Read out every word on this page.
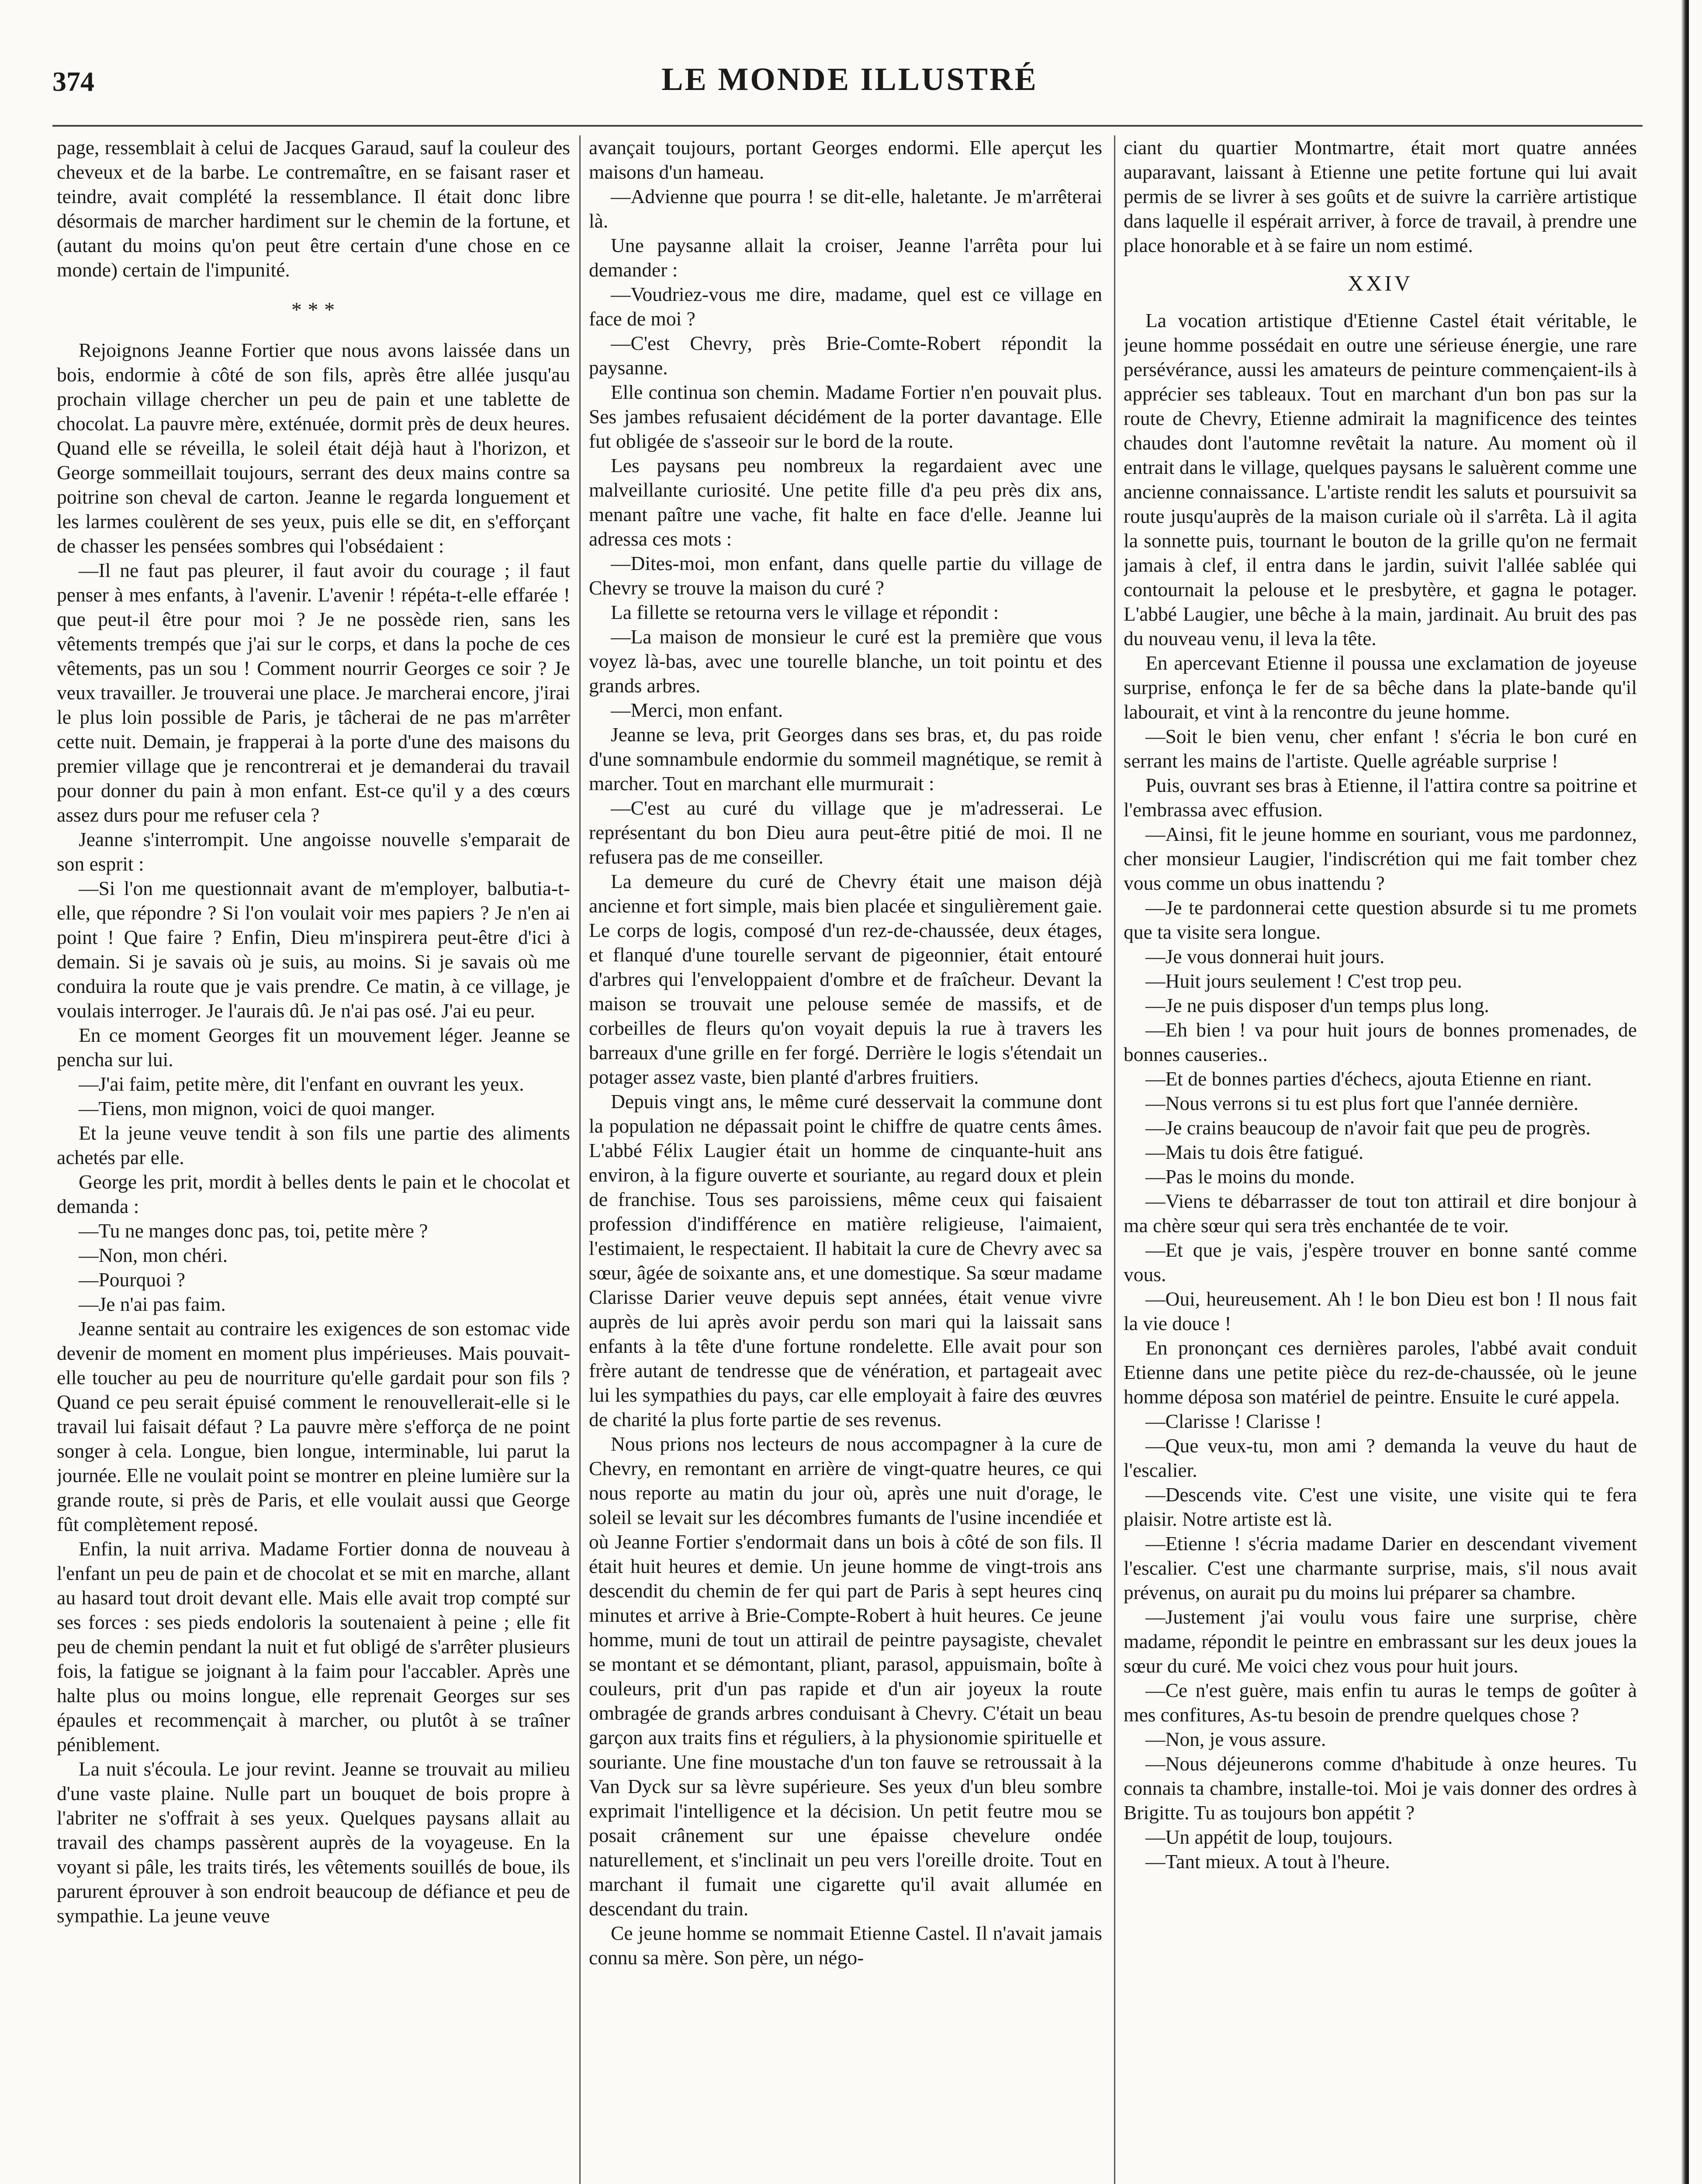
374	LE MONDE ILLUSTRÉ

page, ressemblait à celui de Jacques Garaud, sauf la couleur des cheveux et de la barbe. Le contremaître, en se faisant raser et teindre, avait complété la ressemblance. Il était donc libre désormais de marcher hardiment sur le chemin de la fortune, et (autant du moins qu'on peut être certain d'une chose en ce monde) certain de l'impunité.

* * *

Rejoignons Jeanne Fortier que nous avons laissée dans un bois, endormie à côté de son fils, après être allée jusqu'au prochain village chercher un peu de pain et une tablette de chocolat. La pauvre mère, exténuée, dormit près de deux heures. Quand elle se réveilla, le soleil était déjà haut à l'horizon, et George sommeillait toujours, serrant des deux mains contre sa poitrine son cheval de carton. Jeanne le regarda longuement et les larmes coulèrent de ses yeux, puis elle se dit, en s'efforçant de chasser les pensées sombres qui l'obsédaient :

—Il ne faut pas pleurer, il faut avoir du courage ; il faut penser à mes enfants, à l'avenir. L'avenir ! répéta-t-elle effarée ! que peut-il être pour moi ? Je ne possède rien, sans les vêtements trempés que j'ai sur le corps, et dans la poche de ces vêtements, pas un sou ! Comment nourrir Georges ce soir ? Je veux travailler. Je trouverai une place. Je marcherai encore, j'irai le plus loin possible de Paris, je tâcherai de ne pas m'arrêter cette nuit. Demain, je frapperai à la porte d'une des maisons du premier village que je rencontrerai et je demanderai du travail pour donner du pain à mon enfant. Est-ce qu'il y a des cœurs assez durs pour me refuser cela ?

Jeanne s'interrompit. Une angoisse nouvelle s'emparait de son esprit :

—Si l'on me questionnait avant de m'employer, balbutia-t-elle, que répondre ? Si l'on voulait voir mes papiers ? Je n'en ai point ! Que faire ? Enfin, Dieu m'inspirera peut-être d'ici à demain. Si je savais où je suis, au moins. Si je savais où me conduira la route que je vais prendre. Ce matin, à ce village, je voulais interroger. Je l'aurais dû. Je n'ai pas osé. J'ai eu peur.

En ce moment Georges fit un mouvement léger. Jeanne se pencha sur lui.

—J'ai faim, petite mère, dit l'enfant en ouvrant les yeux.

—Tiens, mon mignon, voici de quoi manger.

Et la jeune veuve tendit à son fils une partie des aliments achetés par elle.

George les prit, mordit à belles dents le pain et le chocolat et demanda :

—Tu ne manges donc pas, toi, petite mère ?

—Non, mon chéri.

—Pourquoi ?

—Je n'ai pas faim.

Jeanne sentait au contraire les exigences de son estomac vide devenir de moment en moment plus impérieuses. Mais pouvait-elle toucher au peu de nourriture qu'elle gardait pour son fils ? Quand ce peu serait épuisé comment le renouvellerait-elle si le travail lui faisait défaut ? La pauvre mère s'efforça de ne point songer à cela. Longue, bien longue, interminable, lui parut la journée. Elle ne voulait point se montrer en pleine lumière sur la grande route, si près de Paris, et elle voulait aussi que George fût complètement reposé.

Enfin, la nuit arriva. Madame Fortier donna de nouveau à l'enfant un peu de pain et de chocolat et se mit en marche, allant au hasard tout droit devant elle. Mais elle avait trop compté sur ses forces : ses pieds endoloris la soutenaient à peine ; elle fit peu de chemin pendant la nuit et fut obligé de s'arrêter plusieurs fois, la fatigue se joignant à la faim pour l'accabler. Après une halte plus ou moins longue, elle reprenait Georges sur ses épaules et recommençait à marcher, ou plutôt à se traîner péniblement.

La nuit s'écoula. Le jour revint. Jeanne se trouvait au milieu d'une vaste plaine. Nulle part un bouquet de bois propre à l'abriter ne s'offrait à ses yeux. Quelques paysans allait au travail des champs passèrent auprès de la voyageuse. En la voyant si pâle, les traits tirés, les vêtements souillés de boue, ils parurent éprouver à son endroit beaucoup de défiance et peu de sympathie. La jeune veuve

avançait toujours, portant Georges endormi. Elle aperçut les maisons d'un hameau.

—Advienne que pourra ! se dit-elle, haletante. Je m'arrêterai là.

Une paysanne allait la croiser, Jeanne l'arrêta pour lui demander :

—Voudriez-vous me dire, madame, quel est ce village en face de moi ?

—C'est Chevry, près Brie-Comte-Robert répondit la paysanne.

Elle continua son chemin. Madame Fortier n'en pouvait plus. Ses jambes refusaient décidément de la porter davantage. Elle fut obligée de s'asseoir sur le bord de la route.

Les paysans peu nombreux la regardaient avec une malveillante curiosité. Une petite fille d'a peu près dix ans, menant paître une vache, fit halte en face d'elle. Jeanne lui adressa ces mots :

—Dites-moi, mon enfant, dans quelle partie du village de Chevry se trouve la maison du curé ?

La fillette se retourna vers le village et répondit :

—La maison de monsieur le curé est la première que vous voyez là-bas, avec une tourelle blanche, un toit pointu et des grands arbres.

—Merci, mon enfant.

Jeanne se leva, prit Georges dans ses bras, et, du pas roide d'une somnambule endormie du sommeil magnétique, se remit à marcher. Tout en marchant elle murmurait :

—C'est au curé du village que je m'adresserai. Le représentant du bon Dieu aura peut-être pitié de moi. Il ne refusera pas de me conseiller.

La demeure du curé de Chevry était une maison déjà ancienne et fort simple, mais bien placée et singulièrement gaie. Le corps de logis, composé d'un rez-de-chaussée, deux étages, et flanqué d'une tourelle servant de pigeonnier, était entouré d'arbres qui l'enveloppaient d'ombre et de fraîcheur. Devant la maison se trouvait une pelouse semée de massifs, et de corbeilles de fleurs qu'on voyait depuis la rue à travers les barreaux d'une grille en fer forgé. Derrière le logis s'étendait un potager assez vaste, bien planté d'arbres fruitiers.

Depuis vingt ans, le même curé desservait la commune dont la population ne dépassait point le chiffre de quatre cents âmes. L'abbé Félix Laugier était un homme de cinquante-huit ans environ, à la figure ouverte et souriante, au regard doux et plein de franchise. Tous ses paroissiens, même ceux qui faisaient profession d'indifférence en matière religieuse, l'aimaient, l'estimaient, le respectaient. Il habitait la cure de Chevry avec sa sœur, âgée de soixante ans, et une domestique. Sa sœur madame Clarisse Darier veuve depuis sept années, était venue vivre auprès de lui après avoir perdu son mari qui la laissait sans enfants à la tête d'une fortune rondelette. Elle avait pour son frère autant de tendresse que de vénération, et partageait avec lui les sympathies du pays, car elle employait à faire des œuvres de charité la plus forte partie de ses revenus.

Nous prions nos lecteurs de nous accompagner à la cure de Chevry, en remontant en arrière de vingt-quatre heures, ce qui nous reporte au matin du jour où, après une nuit d'orage, le soleil se levait sur les décombres fumants de l'usine incendiée et où Jeanne Fortier s'endormait dans un bois à côté de son fils. Il était huit heures et demie. Un jeune homme de vingt-trois ans descendit du chemin de fer qui part de Paris à sept heures cinq minutes et arrive à Brie-Compte-Robert à huit heures. Ce jeune homme, muni de tout un attirail de peintre paysagiste, chevalet se montant et se démontant, pliant, parasol, appuismain, boîte à couleurs, prit d'un pas rapide et d'un air joyeux la route ombragée de grands arbres conduisant à Chevry. C'était un beau garçon aux traits fins et réguliers, à la physionomie spirituelle et souriante. Une fine moustache d'un ton fauve se retroussait à la Van Dyck sur sa lèvre supérieure. Ses yeux d'un bleu sombre exprimait l'intelligence et la décision. Un petit feutre mou se posait crânement sur une épaisse chevelure ondée naturellement, et s'inclinait un peu vers l'oreille droite. Tout en marchant il fumait une cigarette qu'il avait allumée en descendant du train.

Ce jeune homme se nommait Etienne Castel. Il n'avait jamais connu sa mère. Son père, un négo-

ciant du quartier Montmartre, était mort quatre années auparavant, laissant à Etienne une petite fortune qui lui avait permis de se livrer à ses goûts et de suivre la carrière artistique dans laquelle il espérait arriver, à force de travail, à prendre une place honorable et à se faire un nom estimé.

XXIV

La vocation artistique d'Etienne Castel était véritable, le jeune homme possédait en outre une sérieuse énergie, une rare persévérance, aussi les amateurs de peinture commençaient-ils à apprécier ses tableaux. Tout en marchant d'un bon pas sur la route de Chevry, Etienne admirait la magnificence des teintes chaudes dont l'automne revêtait la nature. Au moment où il entrait dans le village, quelques paysans le saluèrent comme une ancienne connaissance. L'artiste rendit les saluts et poursuivit sa route jusqu'auprès de la maison curiale où il s'arrêta. Là il agita la sonnette puis, tournant le bouton de la grille qu'on ne fermait jamais à clef, il entra dans le jardin, suivit l'allée sablée qui contournait la pelouse et le presbytère, et gagna le potager. L'abbé Laugier, une bêche à la main, jardinait. Au bruit des pas du nouveau venu, il leva la tête.

En apercevant Etienne il poussa une exclamation de joyeuse surprise, enfonça le fer de sa bêche dans la plate-bande qu'il labourait, et vint à la rencontre du jeune homme.

—Soit le bien venu, cher enfant ! s'écria le bon curé en serrant les mains de l'artiste. Quelle agréable surprise !

Puis, ouvrant ses bras à Etienne, il l'attira contre sa poitrine et l'embrassa avec effusion.

—Ainsi, fit le jeune homme en souriant, vous me pardonnez, cher monsieur Laugier, l'indiscrétion qui me fait tomber chez vous comme un obus inattendu ?

—Je te pardonnerai cette question absurde si tu me promets que ta visite sera longue.

—Je vous donnerai huit jours.

—Huit jours seulement ! C'est trop peu.

—Je ne puis disposer d'un temps plus long.

—Eh bien ! va pour huit jours de bonnes promenades, de bonnes causeries..

—Et de bonnes parties d'échecs, ajouta Etienne en riant.

—Nous verrons si tu est plus fort que l'année dernière.

—Je crains beaucoup de n'avoir fait que peu de progrès.

—Mais tu dois être fatigué.

—Pas le moins du monde.

—Viens te débarrasser de tout ton attirail et dire bonjour à ma chère sœur qui sera très enchantée de te voir.

—Et que je vais, j'espère trouver en bonne santé comme vous.

—Oui, heureusement. Ah ! le bon Dieu est bon ! Il nous fait la vie douce !

En prononçant ces dernières paroles, l'abbé avait conduit Etienne dans une petite pièce du rez-de-chaussée, où le jeune homme déposa son matériel de peintre. Ensuite le curé appela.

—Clarisse ! Clarisse !

—Que veux-tu, mon ami ? demanda la veuve du haut de l'escalier.

—Descends vite. C'est une visite, une visite qui te fera plaisir. Notre artiste est là.

—Etienne ! s'écria madame Darier en descendant vivement l'escalier. C'est une charmante surprise, mais, s'il nous avait prévenus, on aurait pu du moins lui préparer sa chambre.

—Justement j'ai voulu vous faire une surprise, chère madame, répondit le peintre en embrassant sur les deux joues la sœur du curé. Me voici chez vous pour huit jours.

—Ce n'est guère, mais enfin tu auras le temps de goûter à mes confitures, As-tu besoin de prendre quelques chose ?

—Non, je vous assure.

—Nous déjeunerons comme d'habitude à onze heures. Tu connais ta chambre, installe-toi. Moi je vais donner des ordres à Brigitte. Tu as toujours bon appétit ?

—Un appétit de loup, toujours.

—Tant mieux. A tout à l'heure.
